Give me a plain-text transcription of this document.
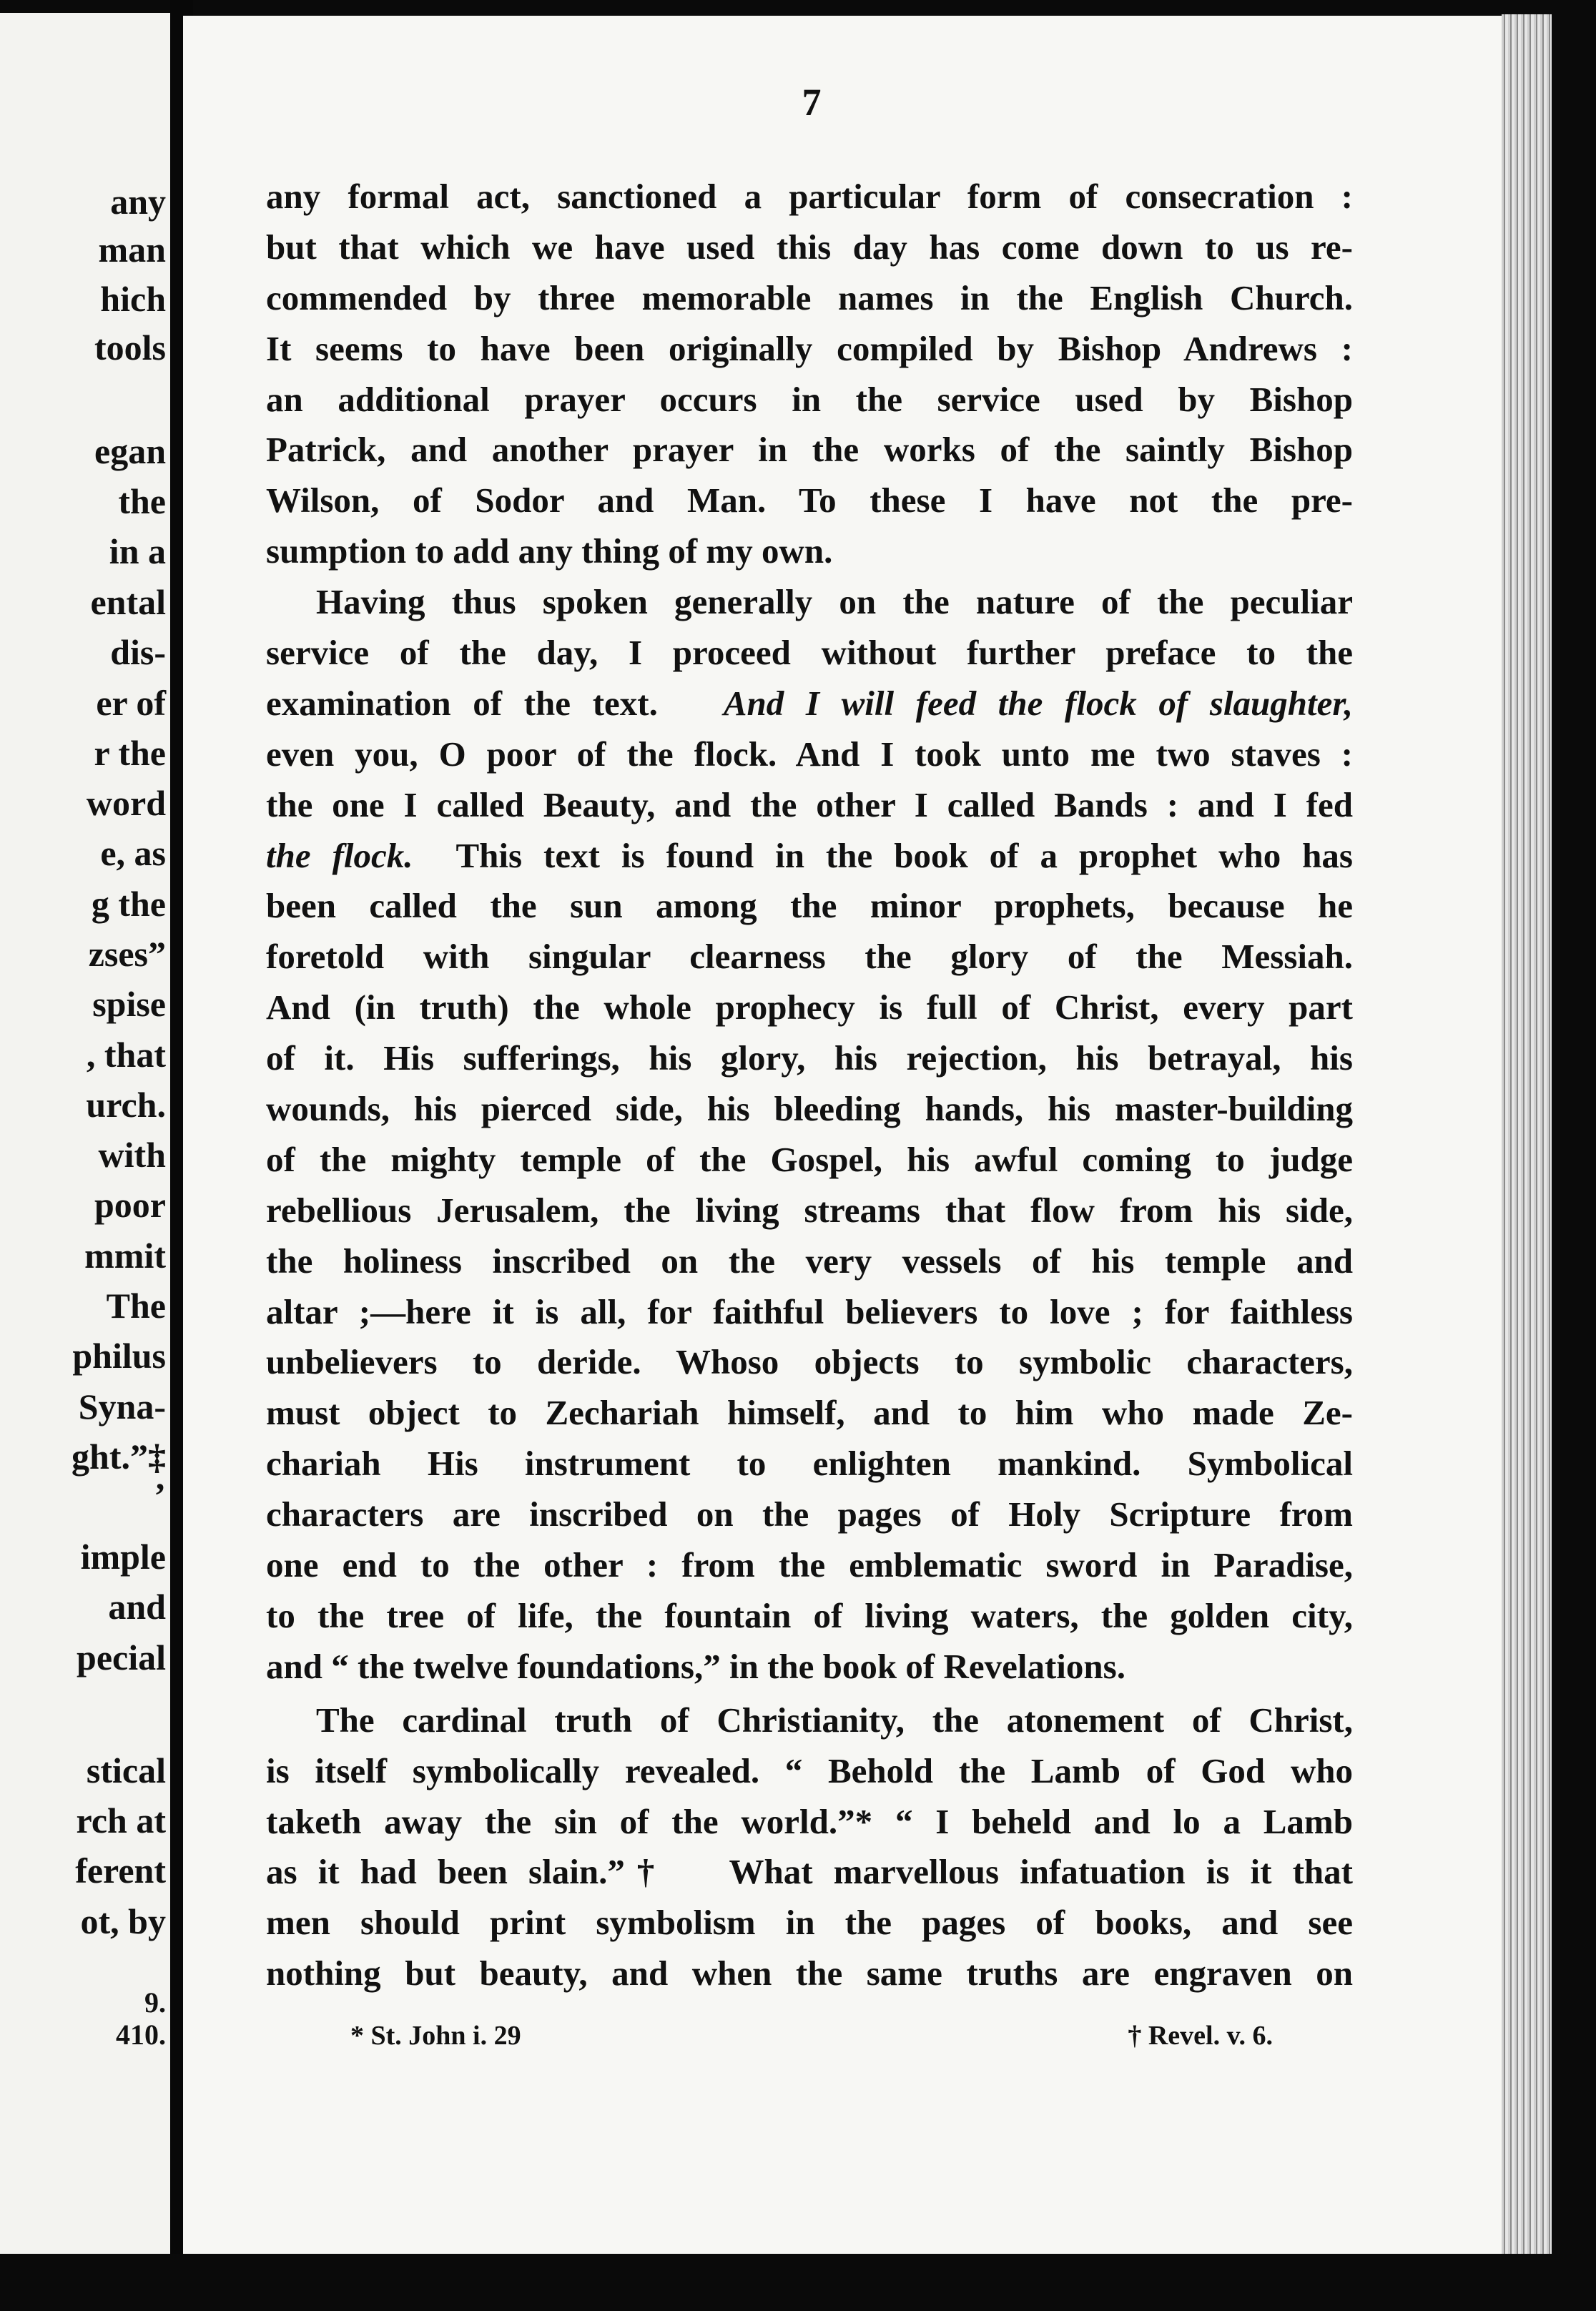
any
man
hich
tools
egan
the
in a
ental
dis-
er of
r the
word
e, as
g the
zses”
spise
, that
urch.
with
poor
mmit
The
philus
Syna-
ght.”‡
’
imple
and
pecial
stical
rch at
ferent
ot, by
9.
410.
7
any formal act, sanctioned a particular form of consecration :
but that which we have used this day has come down to us re-
commended by three memorable names in the English Church.
It seems to have been originally compiled by Bishop Andrews :
an additional prayer occurs in the service used by Bishop
Patrick, and another prayer in the works of the saintly Bishop
Wilson, of Sodor and Man. To these I have not the pre-
sumption to add any thing of my own.
Having thus spoken generally on the nature of the peculiar
service of the day, I proceed without further preface to the
examination of the text. And I will feed the flock of slaughter,
even you, O poor of the flock. And I took unto me two staves :
the one I called Beauty, and the other I called Bands : and I fed
the flock. This text is found in the book of a prophet who has
been called the sun among the minor prophets, because he
foretold with singular clearness the glory of the Messiah.
And (in truth) the whole prophecy is full of Christ, every part
of it. His sufferings, his glory, his rejection, his betrayal, his
wounds, his pierced side, his bleeding hands, his master-building
of the mighty temple of the Gospel, his awful coming to judge
rebellious Jerusalem, the living streams that flow from his side,
the holiness inscribed on the very vessels of his temple and
altar ;—here it is all, for faithful believers to love ; for faithless
unbelievers to deride. Whoso objects to symbolic characters,
must object to Zechariah himself, and to him who made Ze-
chariah His instrument to enlighten mankind. Symbolical
characters are inscribed on the pages of Holy Scripture from
one end to the other : from the emblematic sword in Paradise,
to the tree of life, the fountain of living waters, the golden city,
and “ the twelve foundations,” in the book of Revelations.
The cardinal truth of Christianity, the atonement of Christ,
is itself symbolically revealed. “ Behold the Lamb of God who
taketh away the sin of the world.”* “ I beheld and lo a Lamb
as it had been slain.”† What marvellous infatuation is it that
men should print symbolism in the pages of books, and see
nothing but beauty, and when the same truths are engraven on
* St. John i. 29	† Revel. v. 6.
